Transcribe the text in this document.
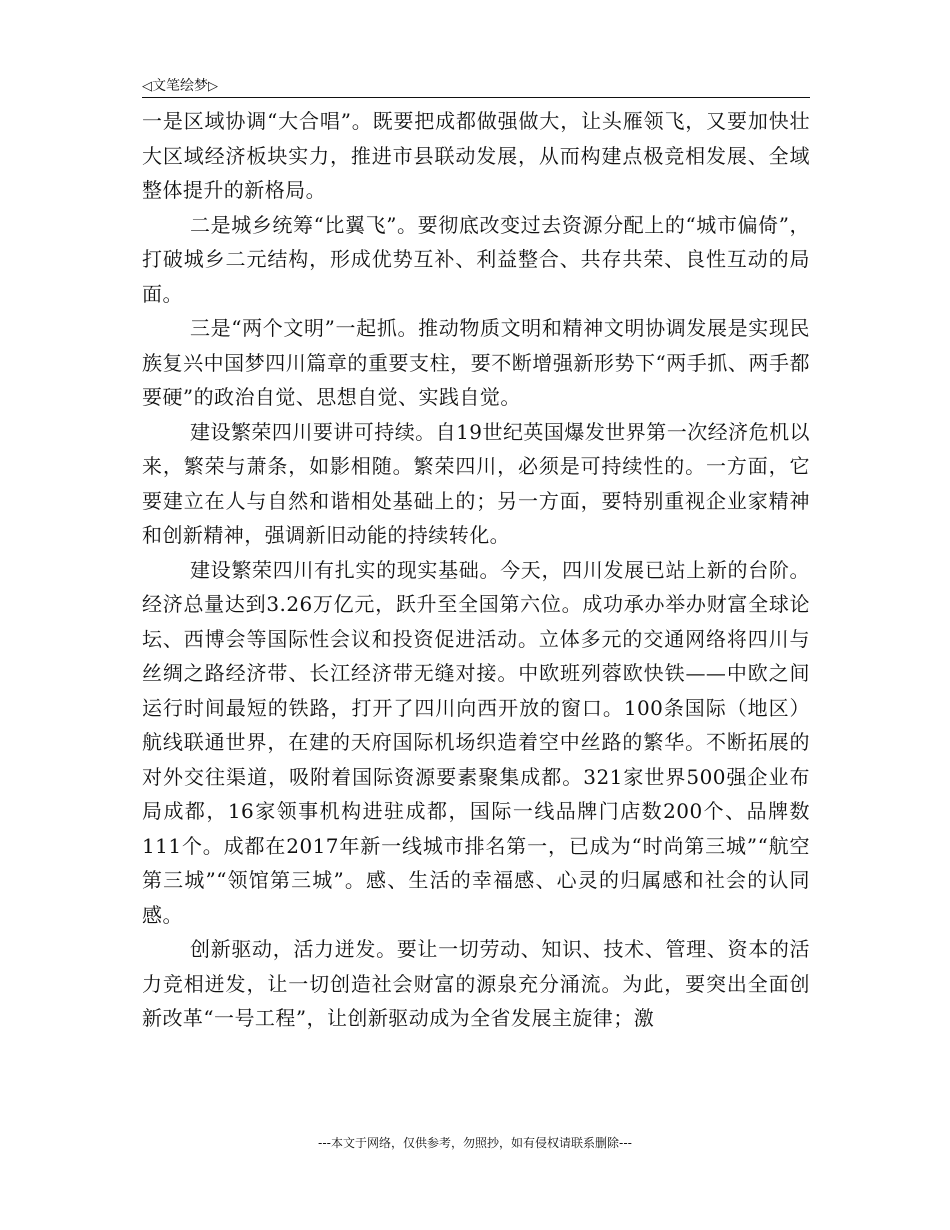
◁文笔绘梦▷

一是区域协调“大合唱”。既要把成都做强做大，让头雁领飞，又要加快壮大区域经济板块实力，推进市县联动发展，从而构建点极竞相发展、全域整体提升的新格局。

二是城乡统筹“比翼飞”。要彻底改变过去资源分配上的“城市偏倚”，打破城乡二元结构，形成优势互补、利益整合、共存共荣、良性互动的局面。

三是“两个文明”一起抓。推动物质文明和精神文明协调发展是实现民族复兴中国梦四川篇章的重要支柱，要不断增强新形势下“两手抓、两手都要硬”的政治自觉、思想自觉、实践自觉。

建设繁荣四川要讲可持续。自19世纪英国爆发世界第一次经济危机以来，繁荣与萧条，如影相随。繁荣四川，必须是可持续性的。一方面，它要建立在人与自然和谐相处基础上的；另一方面，要特别重视企业家精神和创新精神，强调新旧动能的持续转化。

建设繁荣四川有扎实的现实基础。今天，四川发展已站上新的台阶。经济总量达到3.26万亿元，跃升至全国第六位。成功承办举办财富全球论坛、西博会等国际性会议和投资促进活动。立体多元的交通网络将四川与丝绸之路经济带、长江经济带无缝对接。中欧班列蓉欧快铁——中欧之间运行时间最短的铁路，打开了四川向西开放的窗口。100条国际（地区）航线联通世界，在建的天府国际机场织造着空中丝路的繁华。不断拓展的对外交往渠道，吸附着国际资源要素聚集成都。321家世界500强企业布局成都，16家领事机构进驻成都，国际一线品牌门店数200个、品牌数111个。成都在2017年新一线城市排名第一，已成为“时尚第三城”“航空第三城”“领馆第三城”。感、生活的幸福感、心灵的归属感和社会的认同感。

创新驱动，活力迸发。要让一切劳动、知识、技术、管理、资本的活力竞相迸发，让一切创造社会财富的源泉充分涌流。为此，要突出全面创新改革“一号工程”，让创新驱动成为全省发展主旋律；激

---本文于网络，仅供参考，勿照抄，如有侵权请联系删除---
